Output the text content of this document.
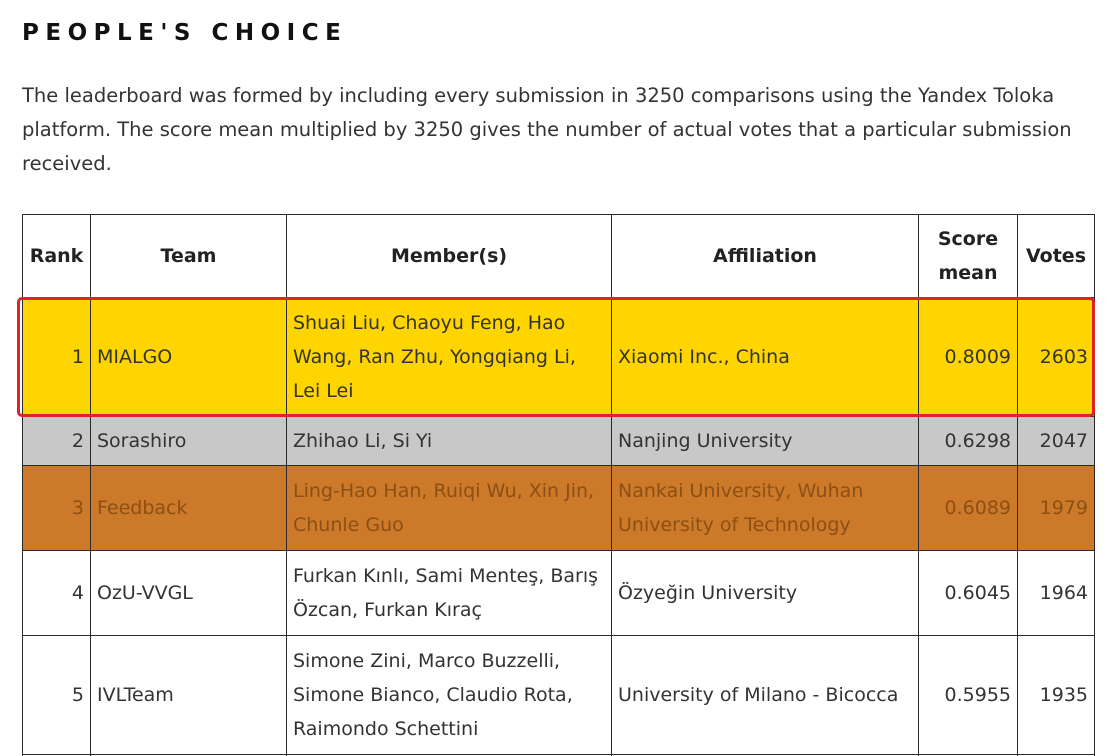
PEOPLE'S CHOICE

The leaderboard was formed by including every submission in 3250 comparisons using the Yandex Toloka platform. The score mean multiplied by 3250 gives the number of actual votes that a particular submission received.

Rank	Team	Member(s)	Affiliation	Score mean	Votes
1	MIALGO	Shuai Liu, Chaoyu Feng, Hao Wang, Ran Zhu, Yongqiang Li, Lei Lei	Xiaomi Inc., China	0.8009	2603
2	Sorashiro	Zhihao Li, Si Yi	Nanjing University	0.6298	2047
3	Feedback	Ling-Hao Han, Ruiqi Wu, Xin Jin, Chunle Guo	Nankai University, Wuhan University of Technology	0.6089	1979
4	OzU-VVGL	Furkan Kınlı, Sami Menteş, Barış Özcan, Furkan Kıraç	Özyeğin University	0.6045	1964
5	IVLTeam	Simone Zini, Marco Buzzelli, Simone Bianco, Claudio Rota, Raimondo Schettini	University of Milano - Bicocca	0.5955	1935
